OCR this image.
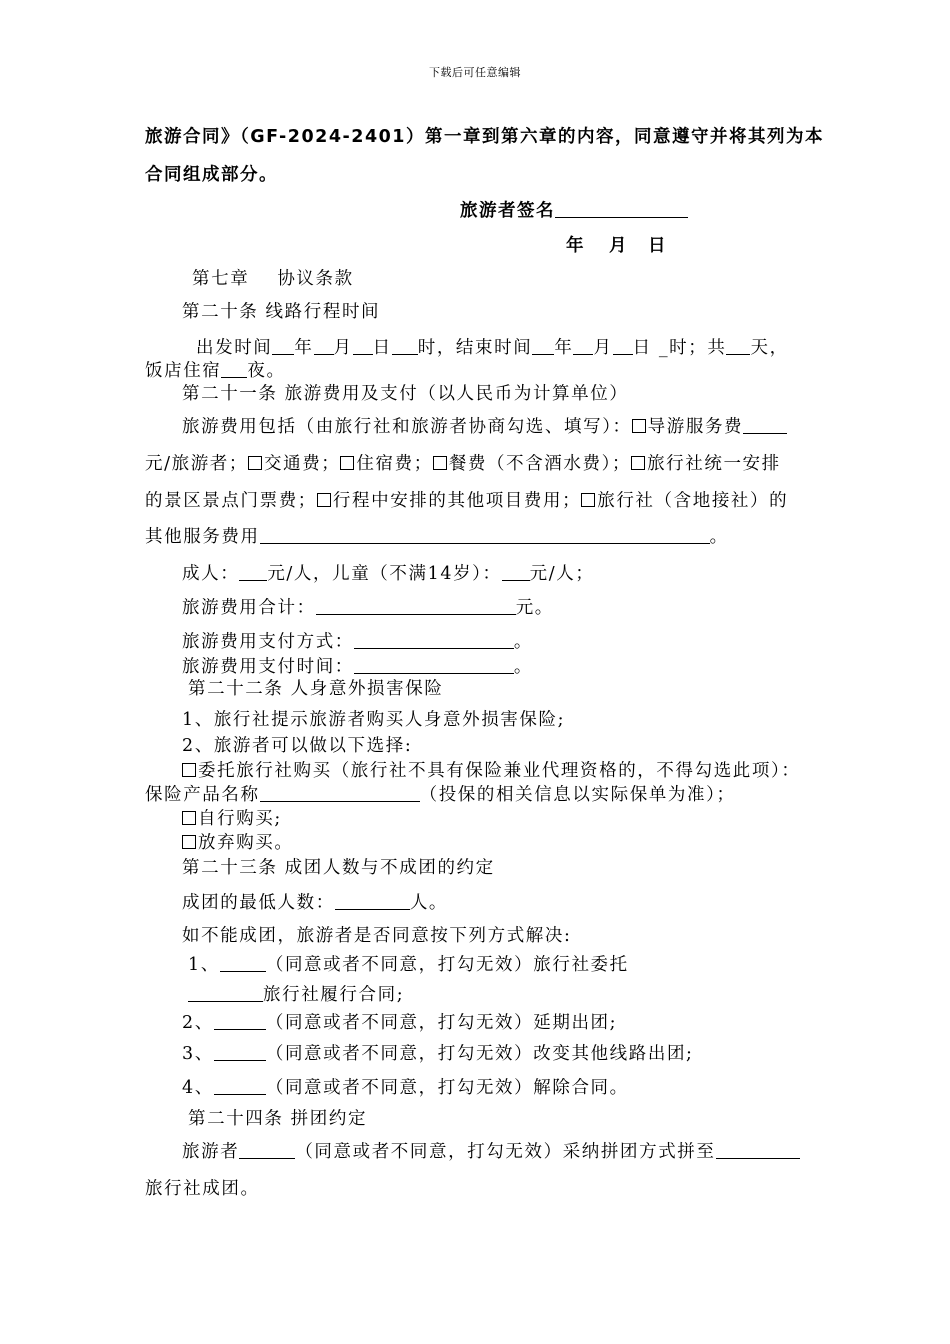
下载后可任意编辑
旅游合同》（GF-2024-2401）第一章到第六章的内容，同意遵守并将其列为本
合同组成部分。
旅游者签名
年 月 日
第七章 协议条款
第二十条 线路行程时间
出发时间 年 月 日 时，结束时间 年 月 日 _时；共 天，
饭店住宿 夜。
第二十一条 旅游费用及支付（以人民币为计算单位）
旅游费用包括（由旅行社和旅游者协商勾选、填写）： 导游服务费
元/旅游者； 交通费； 住宿费； 餐费（不含酒水费）； 旅行社统一安排
的景区景点门票费； 行程中安排的其他项目费用； 旅行社（含地接社）的
其他服务费用	。
成人： 元/人，儿童（不满14岁）： 元/人；
旅游费用合计：	元。
旅游费用支付方式：	。
旅游费用支付时间：	。
第二十二条 人身意外损害保险
1、旅行社提示旅游者购买人身意外损害保险;
2、旅游者可以做以下选择:
委托旅行社购买（旅行社不具有保险兼业代理资格的，不得勾选此项）：
保险产品名称	（投保的相关信息以实际保单为准）；
自行购买;
放弃购买。
第二十三条 成团人数与不成团的约定
成团的最低人数：	人。
如不能成团，旅游者是否同意按下列方式解决:
1、	（同意或者不同意，打勾无效）旅行社委托
旅行社履行合同;
2、	（同意或者不同意，打勾无效）延期出团;
3、	（同意或者不同意，打勾无效）改变其他线路出团;
4、	（同意或者不同意，打勾无效）解除合同。
第二十四条 拼团约定
旅游者	（同意或者不同意，打勾无效）采纳拼团方式拼至
旅行社成团。
